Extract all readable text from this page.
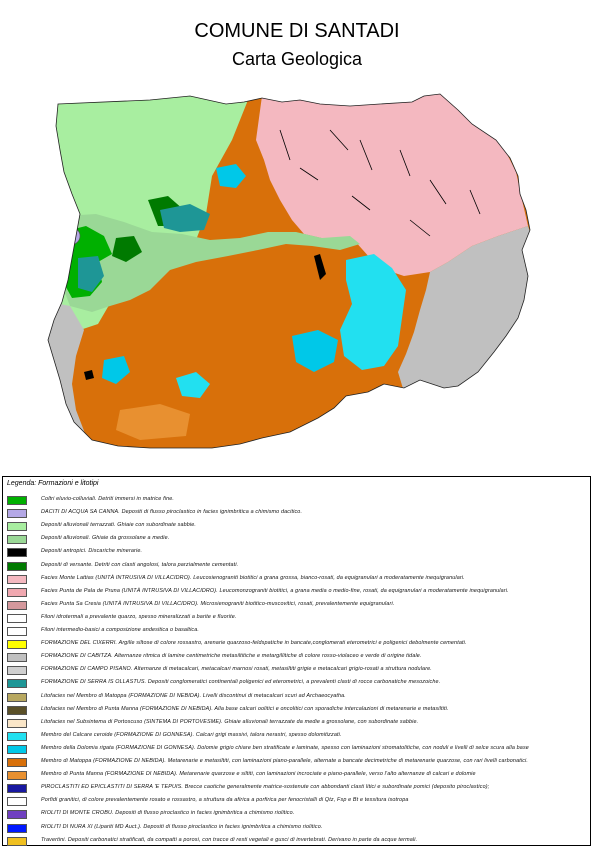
COMUNE DI SANTADI
Carta Geologica
Legenda: Formazioni e litotipi
Coltri eluvio-colluviali. Detriti immersi in matrice fine.
DACITI DI ACQUA SA CANNA. Depositi di flusso piroclastico in facies ignimbritica a chimismo dacitico.
Depositi alluvionali terrazzati. Ghiaie con subordinate sabbie.
Depositi alluvionali. Ghiaie da grossolane a medie.
Depositi antropici. Discariche minerarie.
Depositi di versante. Detriti con clasti angolosi, talora parzialmente cementati.
Facies Monte Lattias (UNITÀ INTRUSIVA DI VILLACIDRO). Leucosienograniti biotitici a grana grossa, bianco-rosati, da equigranulari a moderatamente inequigranulari.
Facies Punta de Pala de Pruna (UNITÀ INTRUSIVA DI VILLACIDRO). Leucomonzograniti biotitici, a grana media o medio-fine, rosati, da equigranulari a moderatamente inequigranulari.
Facies Punta Sa Cresia (UNITÀ INTRUSIVA DI VILLACIDRO). Microsienograniti biotitico-muscovitici, rosati, prevalentemente equigranulari.
Filoni idrotermali a prevalente quarzo, spesso mineralizzati a barite e fluorite.
Filoni intermedio-basici a composizione andesitica o basaltica.
FORMAZIONE DEL CIXERRI. Argille siltose di colore rossastro, arenarie quarzoso-feldspatiche in bancate,conglomerati eterometrici e poligenici debolmente cementati.
FORMAZIONE DI CABITZA. Alternanze ritmica di lamine centimetriche metasiltitiche e metargillitiche di colore rosso-violaceo e verde di origine tidale.
FORMAZIONE DI CAMPO PISANO. Alternanze di metacalcari, metacalcari marnosi rosati, metasiltiti grigie e metacalcari grigio-rosati a struttura nodulare.
FORMAZIONE DI SERRA IS OLLASTUS. Depositi conglomeratici continentali poligenici ed eterometrici, a prevalenti clasti di rocce carbonatiche mesozoiche.
Litofacies nel Membro di Matoppa (FORMAZIONE DI NEBIDA). Livelli discontinui di metacalcari scuri ad Archaeocyatha.
Litofacies nel Membro di Punta Manna (FORMAZIONE DI NEBIDA). Alla base calcari oolitici e oncolitici con sporadiche intercalazioni di metarenarie e metasiltiti.
Litofacies nel Subsintema di Portoscuso (SINTEMA DI PORTOVESME). Ghiaie alluvionali terrazzate da medie a grossolane, con subordinate sabbie.
Membro del Calcare ceroide (FORMAZIONE DI GONNESA). Calcari grigi massivi, talora nerastri, spesso dolomitizzati.
Membro della Dolomia rigata (FORMAZIONE DI GONNESA). Dolomie grigio chiare ben stratificate e laminate, spesso con laminazioni stromatolitiche, con noduli e livelli di selce scura alla base
Membro di Matoppa (FORMAZIONE DI NEBIDA). Metarenarie e metasiltiti, con laminazioni piano-parallele, alternate a bancate decimetriche di metarenarie quarzose, con rari livelli carbonatici.
Membro di Punta Manna (FORMAZIONE DI NEBIDA). Metarenarie quarzose e siltiti, con laminazioni incrociate e piano-parallele, verso l'alto alternanze di calcari e dolomie
PIROCLASTITI ED EPICLASTITI DI SERRA 'E TEPUIS. Brecce caotiche generalmente matrice-sostenute con abbondanti clasti litici e subordinate pomici (deposito piroclastico);
Porfidi granitici, di colore prevalentemente rosato e rossastro, a struttura da afirica a porfirica per fenocristalli di Qtz, Fsp e Bt e tessitura isotropa
RIOLITI DI MONTE CROBU. Depositi di flusso piroclastico in facies ignimbritica a chimismo riolitico.
RIOLITI DI NURA XI (Lipariti MD Auct.). Depositi di flusso piroclastico in facies ignimbritica a chimismo riolitico.
Travertini. Depositi carbonatici stratificati, da compatti a porosi, con tracce di resti vegetali e gusci di invertebrati. Derivano in parte da acque termali.
